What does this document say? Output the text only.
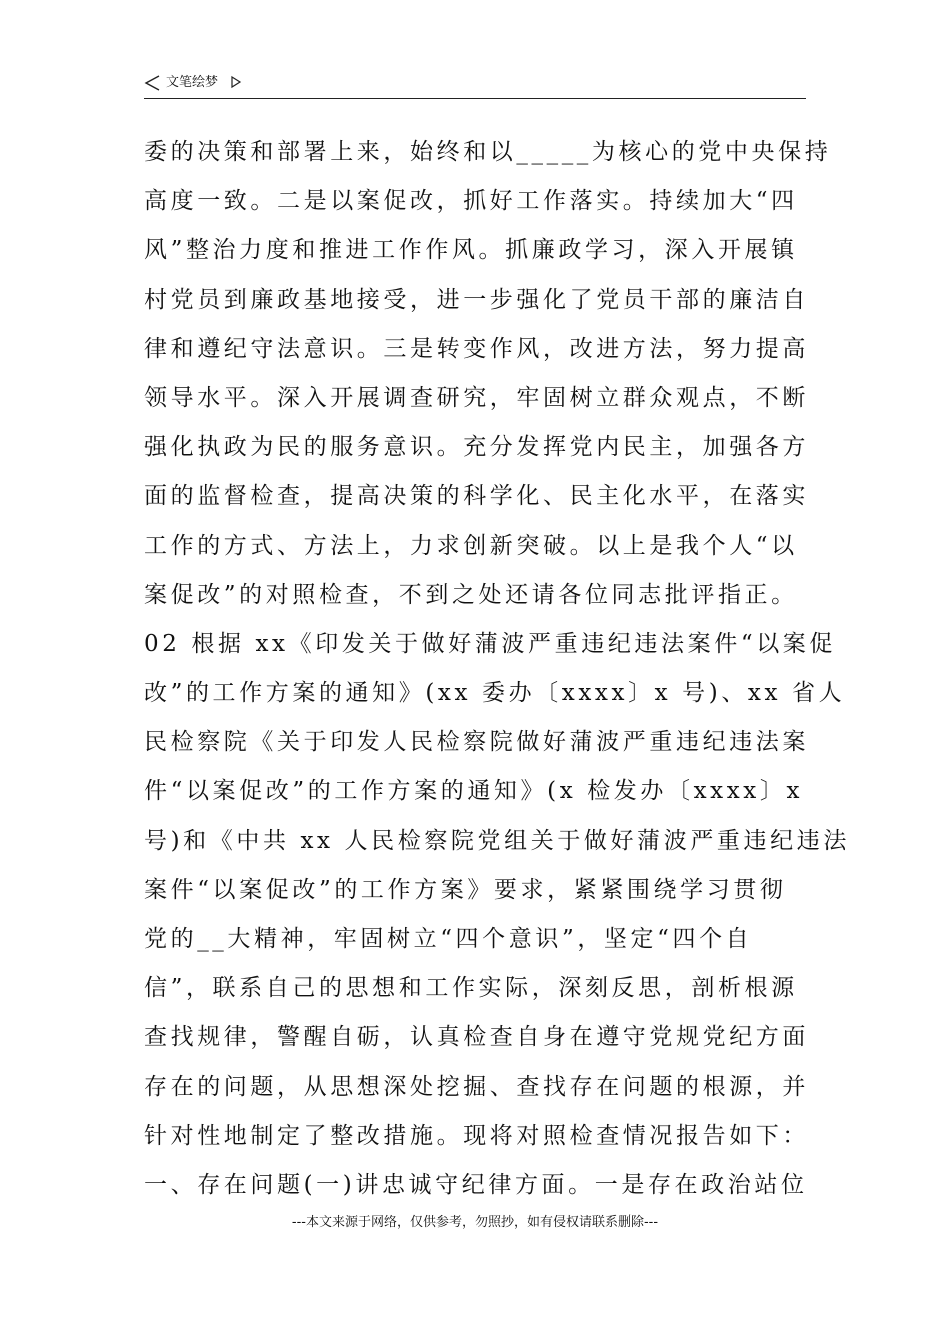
文笔绘梦
委的决策和部署上来，始终和以_____为核心的党中央保持
高度一致。二是以案促改，抓好工作落实。持续加大“四
风”整治力度和推进工作作风。抓廉政学习，深入开展镇
村党员到廉政基地接受，进一步强化了党员干部的廉洁自
律和遵纪守法意识。三是转变作风，改进方法，努力提高
领导水平。深入开展调查研究，牢固树立群众观点，不断
强化执政为民的服务意识。充分发挥党内民主，加强各方
面的监督检查，提高决策的科学化、民主化水平，在落实
工作的方式、方法上，力求创新突破。以上是我个人“以
案促改”的对照检查，不到之处还请各位同志批评指正。
02 根据 xx《印发关于做好蒲波严重违纪违法案件“以案促
改”的工作方案的通知》(xx 委办〔xxxx〕x 号)、xx 省人
民检察院《关于印发人民检察院做好蒲波严重违纪违法案
件“以案促改”的工作方案的通知》(x 检发办〔xxxx〕x
号)和《中共 xx 人民检察院党组关于做好蒲波严重违纪违法
案件“以案促改”的工作方案》要求，紧紧围绕学习贯彻
党的__大精神，牢固树立“四个意识”，坚定“四个自
信”，联系自己的思想和工作实际，深刻反思，剖析根源
查找规律，警醒自砺，认真检查自身在遵守党规党纪方面
存在的问题，从思想深处挖掘、查找存在问题的根源，并
针对性地制定了整改措施。现将对照检查情况报告如下：
一、存在问题(一)讲忠诚守纪律方面。一是存在政治站位
---本文来源于网络，仅供参考，勿照抄，如有侵权请联系删除---
